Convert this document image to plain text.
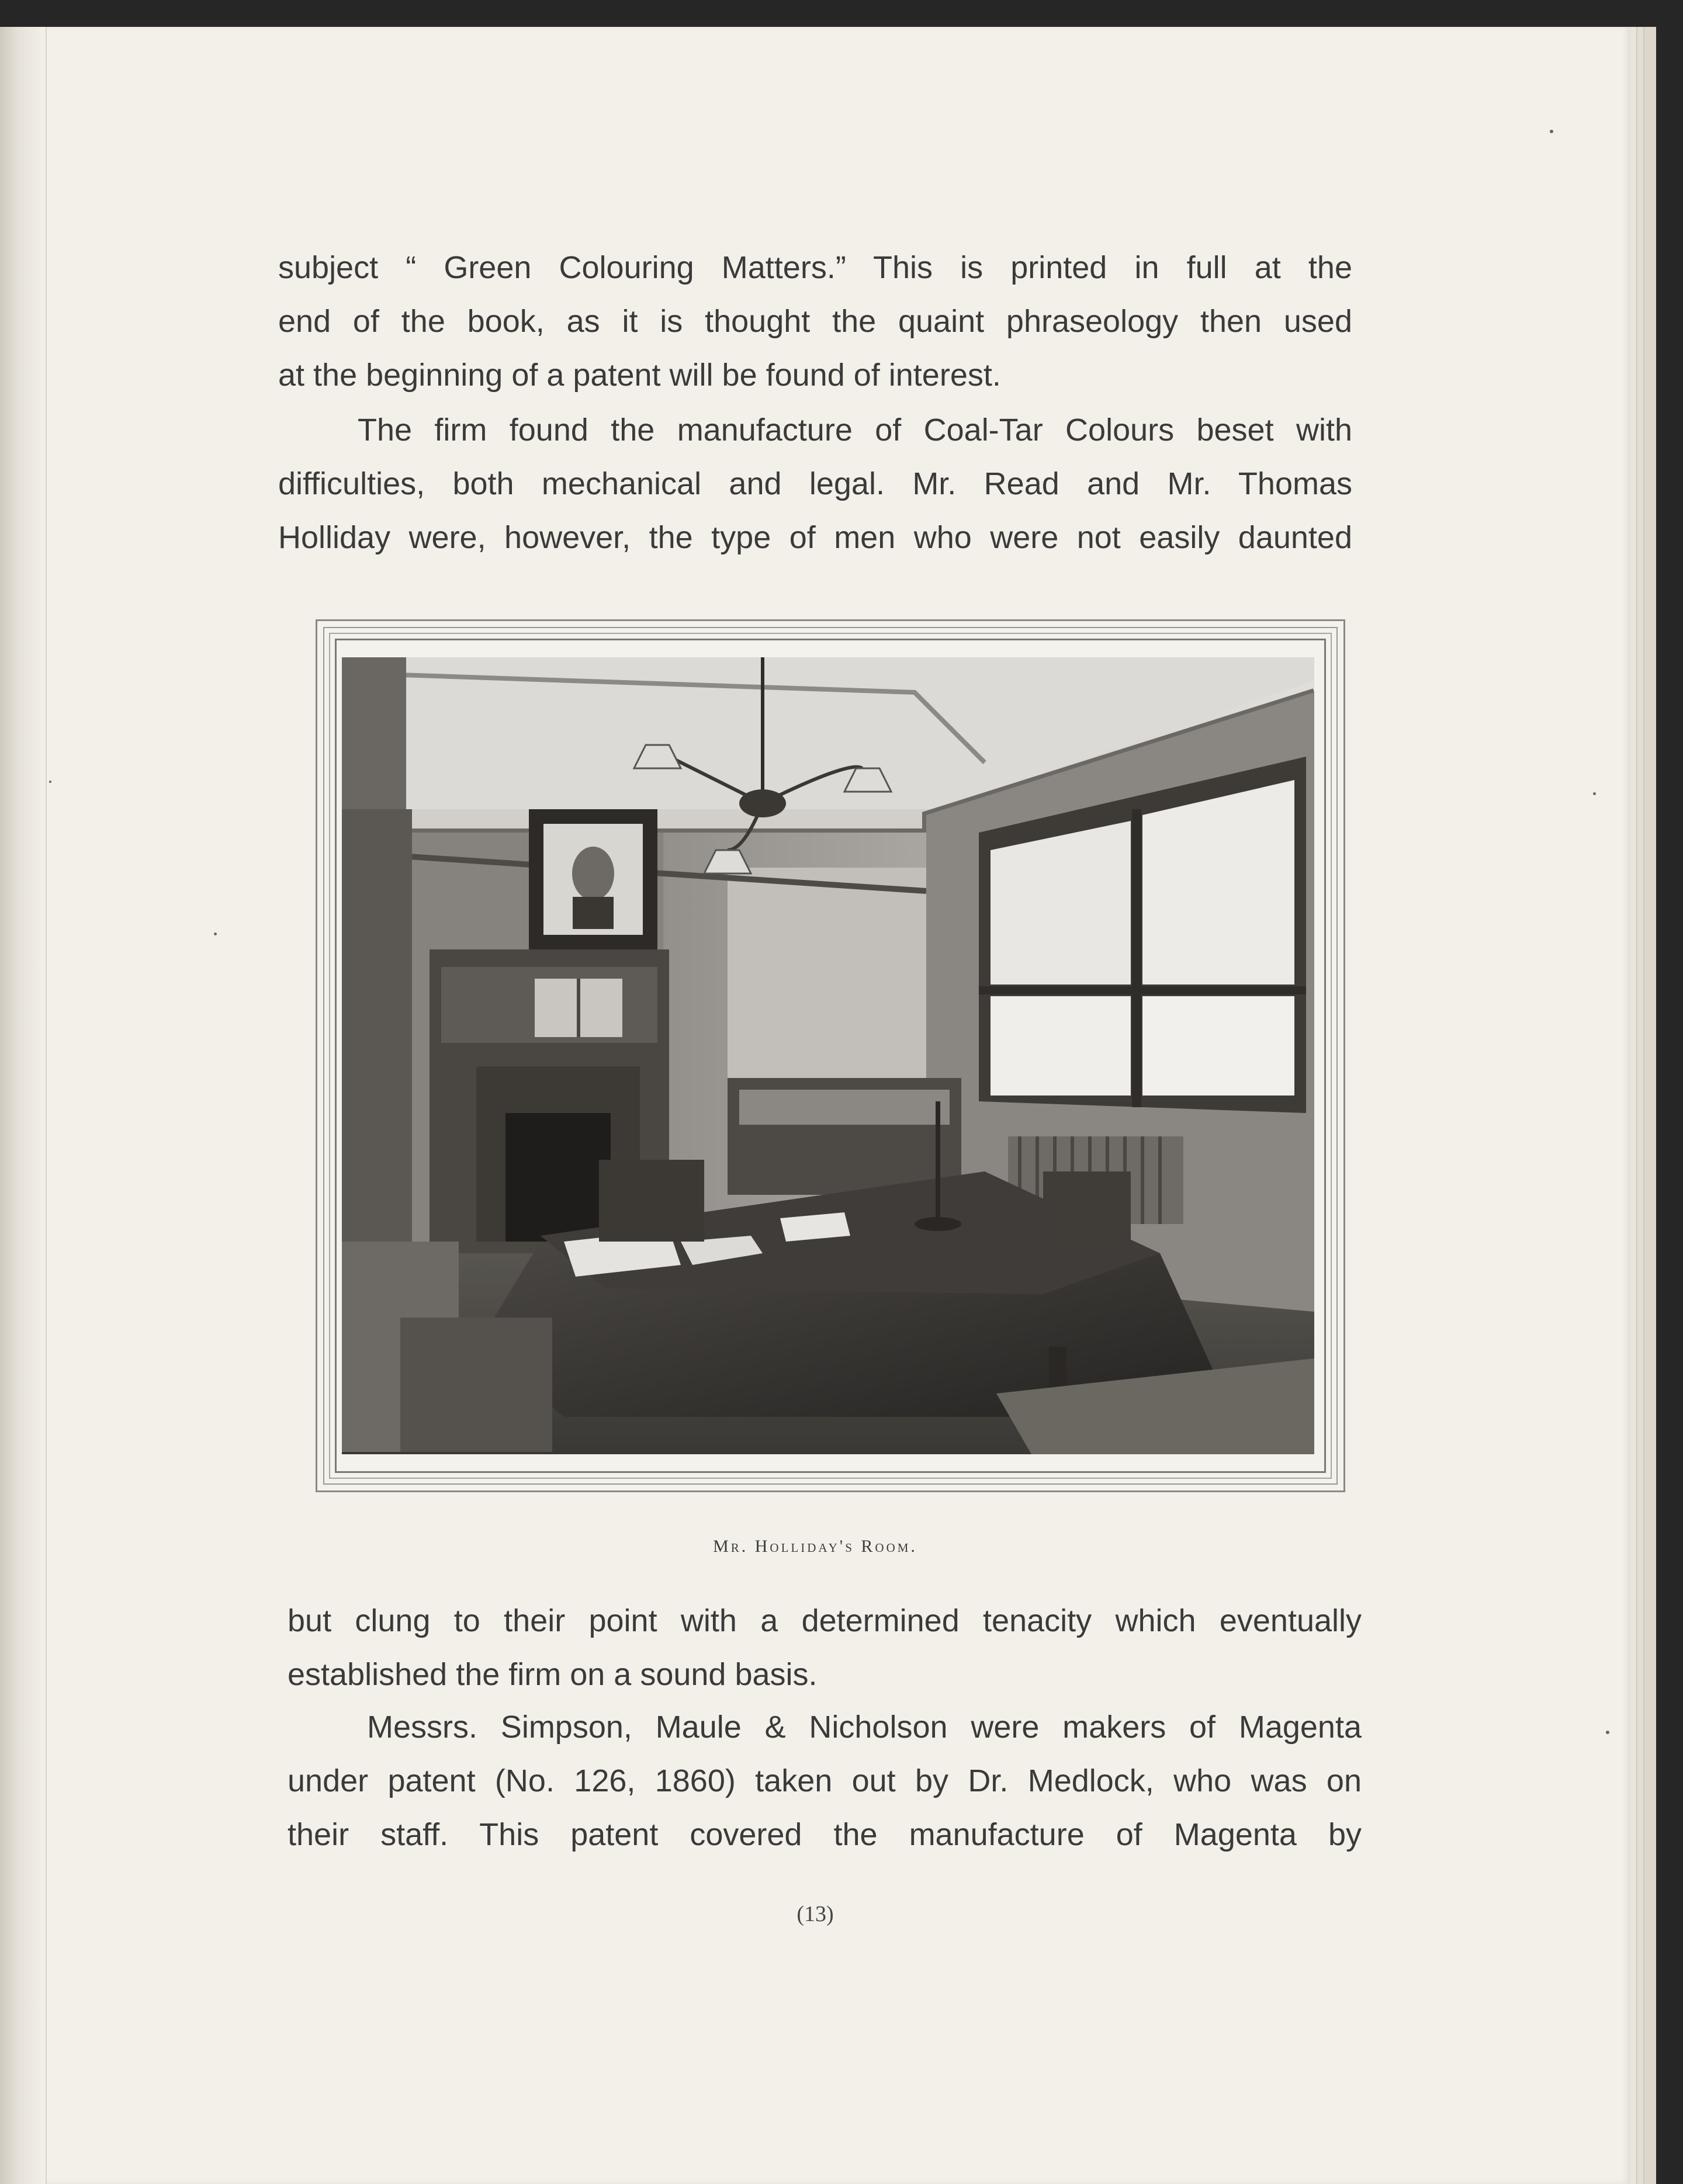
subject “ Green Colouring Matters.” This is printed in full at the
end of the book, as it is thought the quaint phraseology then used
at the beginning of a patent will be found of interest.

The firm found the manufacture of Coal-Tar Colours beset with
difficulties, both mechanical and legal. Mr. Read and Mr. Thomas
Holliday were, however, the type of men who were not easily daunted

Mr. Holliday's Room.

but clung to their point with a determined tenacity which eventually
established the firm on a sound basis.

Messrs. Simpson, Maule & Nicholson were makers of Magenta
under patent (No. 126, 1860) taken out by Dr. Medlock, who was on
their staff. This patent covered the manufacture of Magenta by

(13)
